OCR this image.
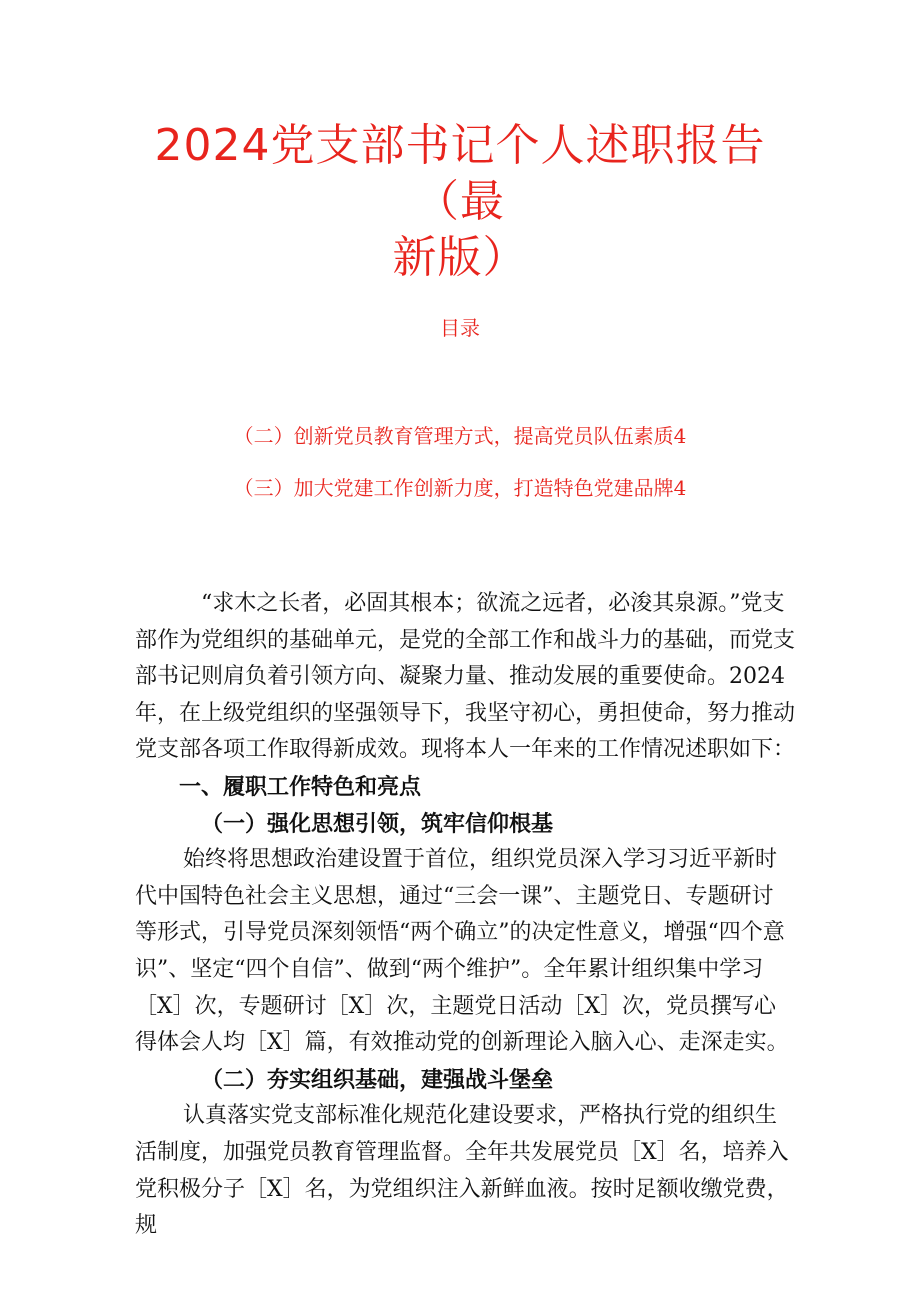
2024党支部书记个人述职报告（最
新版）
目录
（二）创新党员教育管理方式，提高党员队伍素质4
（三）加大党建工作创新力度，打造特色党建品牌4

“求木之长者，必固其根本；欲流之远者，必浚其泉源。”党支部作为党组织的基础单元，是党的全部工作和战斗力的基础，而党支部书记则肩负着引领方向、凝聚力量、推动发展的重要使命。2024年，在上级党组织的坚强领导下，我坚守初心，勇担使命，努力推动党支部各项工作取得新成效。现将本人一年来的工作情况述职如下：

一、履职工作特色和亮点

（一）强化思想引领，筑牢信仰根基

始终将思想政治建设置于首位，组织党员深入学习习近平新时代中国特色社会主义思想，通过“三会一课”、主题党日、专题研讨等形式，引导党员深刻领悟“两个确立”的决定性意义，增强“四个意识”、坚定“四个自信”、做到“两个维护”。全年累计组织集中学习［X］次，专题研讨［X］次，主题党日活动［X］次，党员撰写心得体会人均［X］篇，有效推动党的创新理论入脑入心、走深走实。

（二）夯实组织基础，建强战斗堡垒

认真落实党支部标准化规范化建设要求，严格执行党的组织生活制度，加强党员教育管理监督。全年共发展党员［X］名，培养入党积极分子［X］名，为党组织注入新鲜血液。按时足额收缴党费，规
